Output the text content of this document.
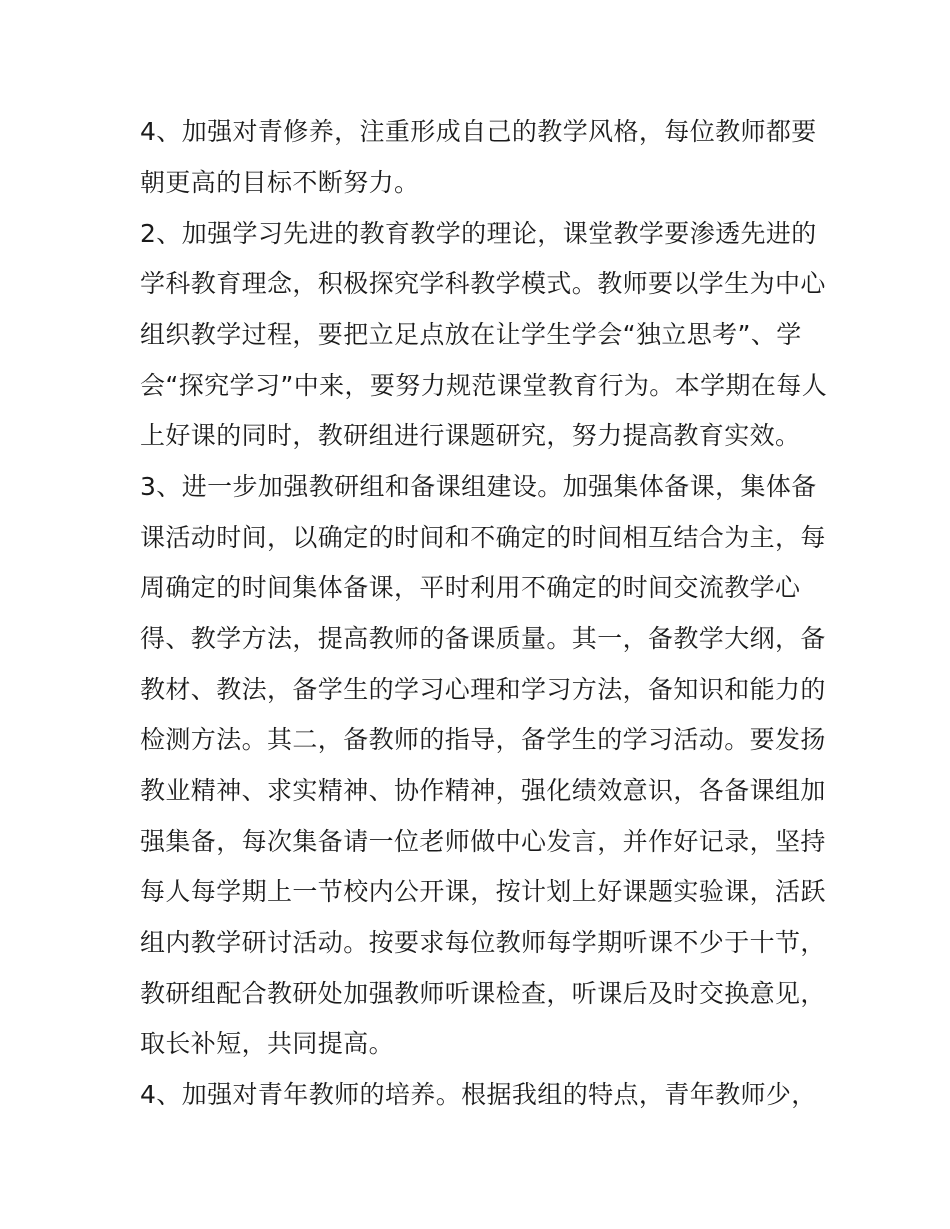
4、加强对青修养，注重形成自己的教学风格，每位教师都要
朝更高的目标不断努力。
2、加强学习先进的教育教学的理论，课堂教学要渗透先进的
学科教育理念，积极探究学科教学模式。教师要以学生为中心
组织教学过程，要把立足点放在让学生学会“独立思考”、学
会“探究学习”中来，要努力规范课堂教育行为。本学期在每人
上好课的同时，教研组进行课题研究，努力提高教育实效。
3、进一步加强教研组和备课组建设。加强集体备课，集体备
课活动时间，以确定的时间和不确定的时间相互结合为主，每
周确定的时间集体备课，平时利用不确定的时间交流教学心
得、教学方法，提高教师的备课质量。其一，备教学大纲，备
教材、教法，备学生的学习心理和学习方法，备知识和能力的
检测方法。其二，备教师的指导，备学生的学习活动。要发扬
教业精神、求实精神、协作精神，强化绩效意识，各备课组加
强集备，每次集备请一位老师做中心发言，并作好记录，坚持
每人每学期上一节校内公开课，按计划上好课题实验课，活跃
组内教学研讨活动。按要求每位教师每学期听课不少于十节，
教研组配合教研处加强教师听课检查，听课后及时交换意见，
取长补短，共同提高。
4、加强对青年教师的培养。根据我组的特点，青年教师少，
